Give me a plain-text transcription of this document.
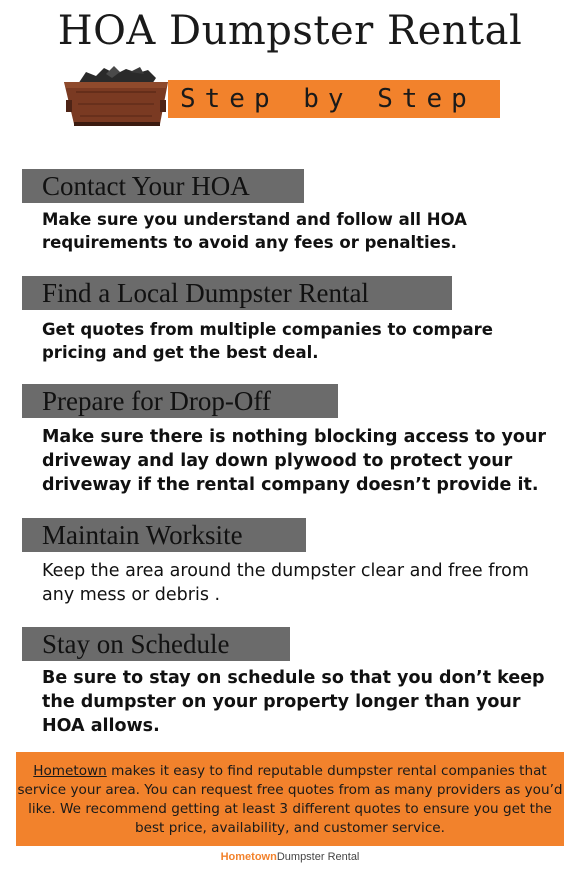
HOA Dumpster Rental
Step by Step
Contact Your HOA

Make sure you understand and follow all HOA requirements to avoid any fees or penalties.

Find a Local Dumpster Rental

Get quotes from multiple companies to compare pricing and get the best deal.

Prepare for Drop-Off

Make sure there is nothing blocking access to your driveway and lay down plywood to protect your driveway if the rental company doesn’t provide it.

Maintain Worksite

Keep the area around the dumpster clear and free from any mess or debris .

Stay on Schedule

Be sure to stay on schedule so that you don’t keep the dumpster on your property longer than your HOA allows.

Hometown makes it easy to find reputable dumpster rental companies that service your area. You can request free quotes from as many providers as you’d like. We recommend getting at least 3 different quotes to ensure you get the best price, availability, and customer service.

HometownDumpster Rental
